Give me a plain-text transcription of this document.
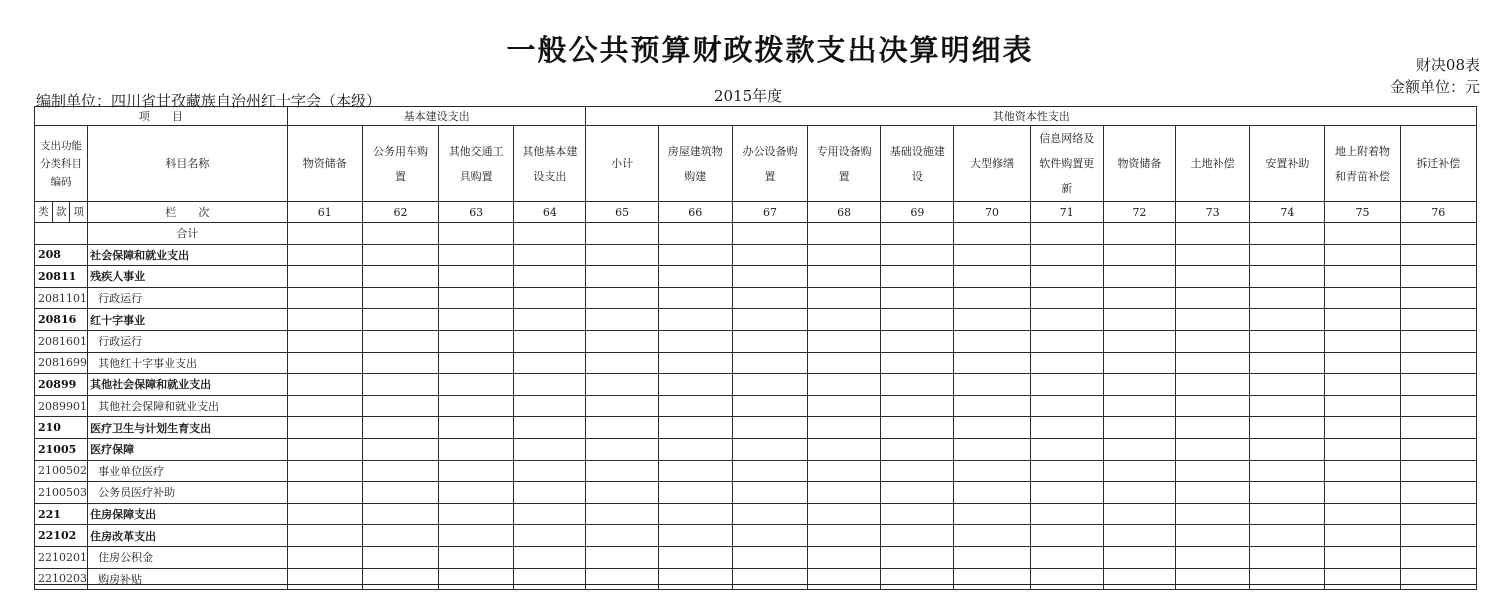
一般公共预算财政拨款支出决算明细表	财决08表
金额单位：元
编制单位：四川省甘孜藏族自治州红十字会（本级）	2015年度
项　　目		基本建设支出				其他资本性支出											
支出功能分类科目编码	科目名称	物资储备	公务用车购置	其他交通工具购置	其他基本建设支出	小计	房屋建筑物购建	办公设备购置	专用设备购置	基础设施建设	大型修缮	信息网络及软件购置更新	物资储备	土地补偿	安置补助	地上附着物和青苗补偿	拆迁补偿

类 款 项	栏　　次	61	62	63	64	65	66	67	68	69	70	71	72	73	74	75	76
	合计																
208	社会保障和就业支出																
20811	残疾人事业																
2081101	行政运行																
20816	红十字事业																
2081601	行政运行																
2081699	其他红十字事业支出																
20899	其他社会保障和就业支出																
2089901	其他社会保障和就业支出																
210	医疗卫生与计划生育支出																
21005	医疗保障																
2100502	事业单位医疗																
2100503	公务员医疗补助																
221	住房保障支出																
22102	住房改革支出																
2210201	住房公积金																
2210203	购房补贴																
